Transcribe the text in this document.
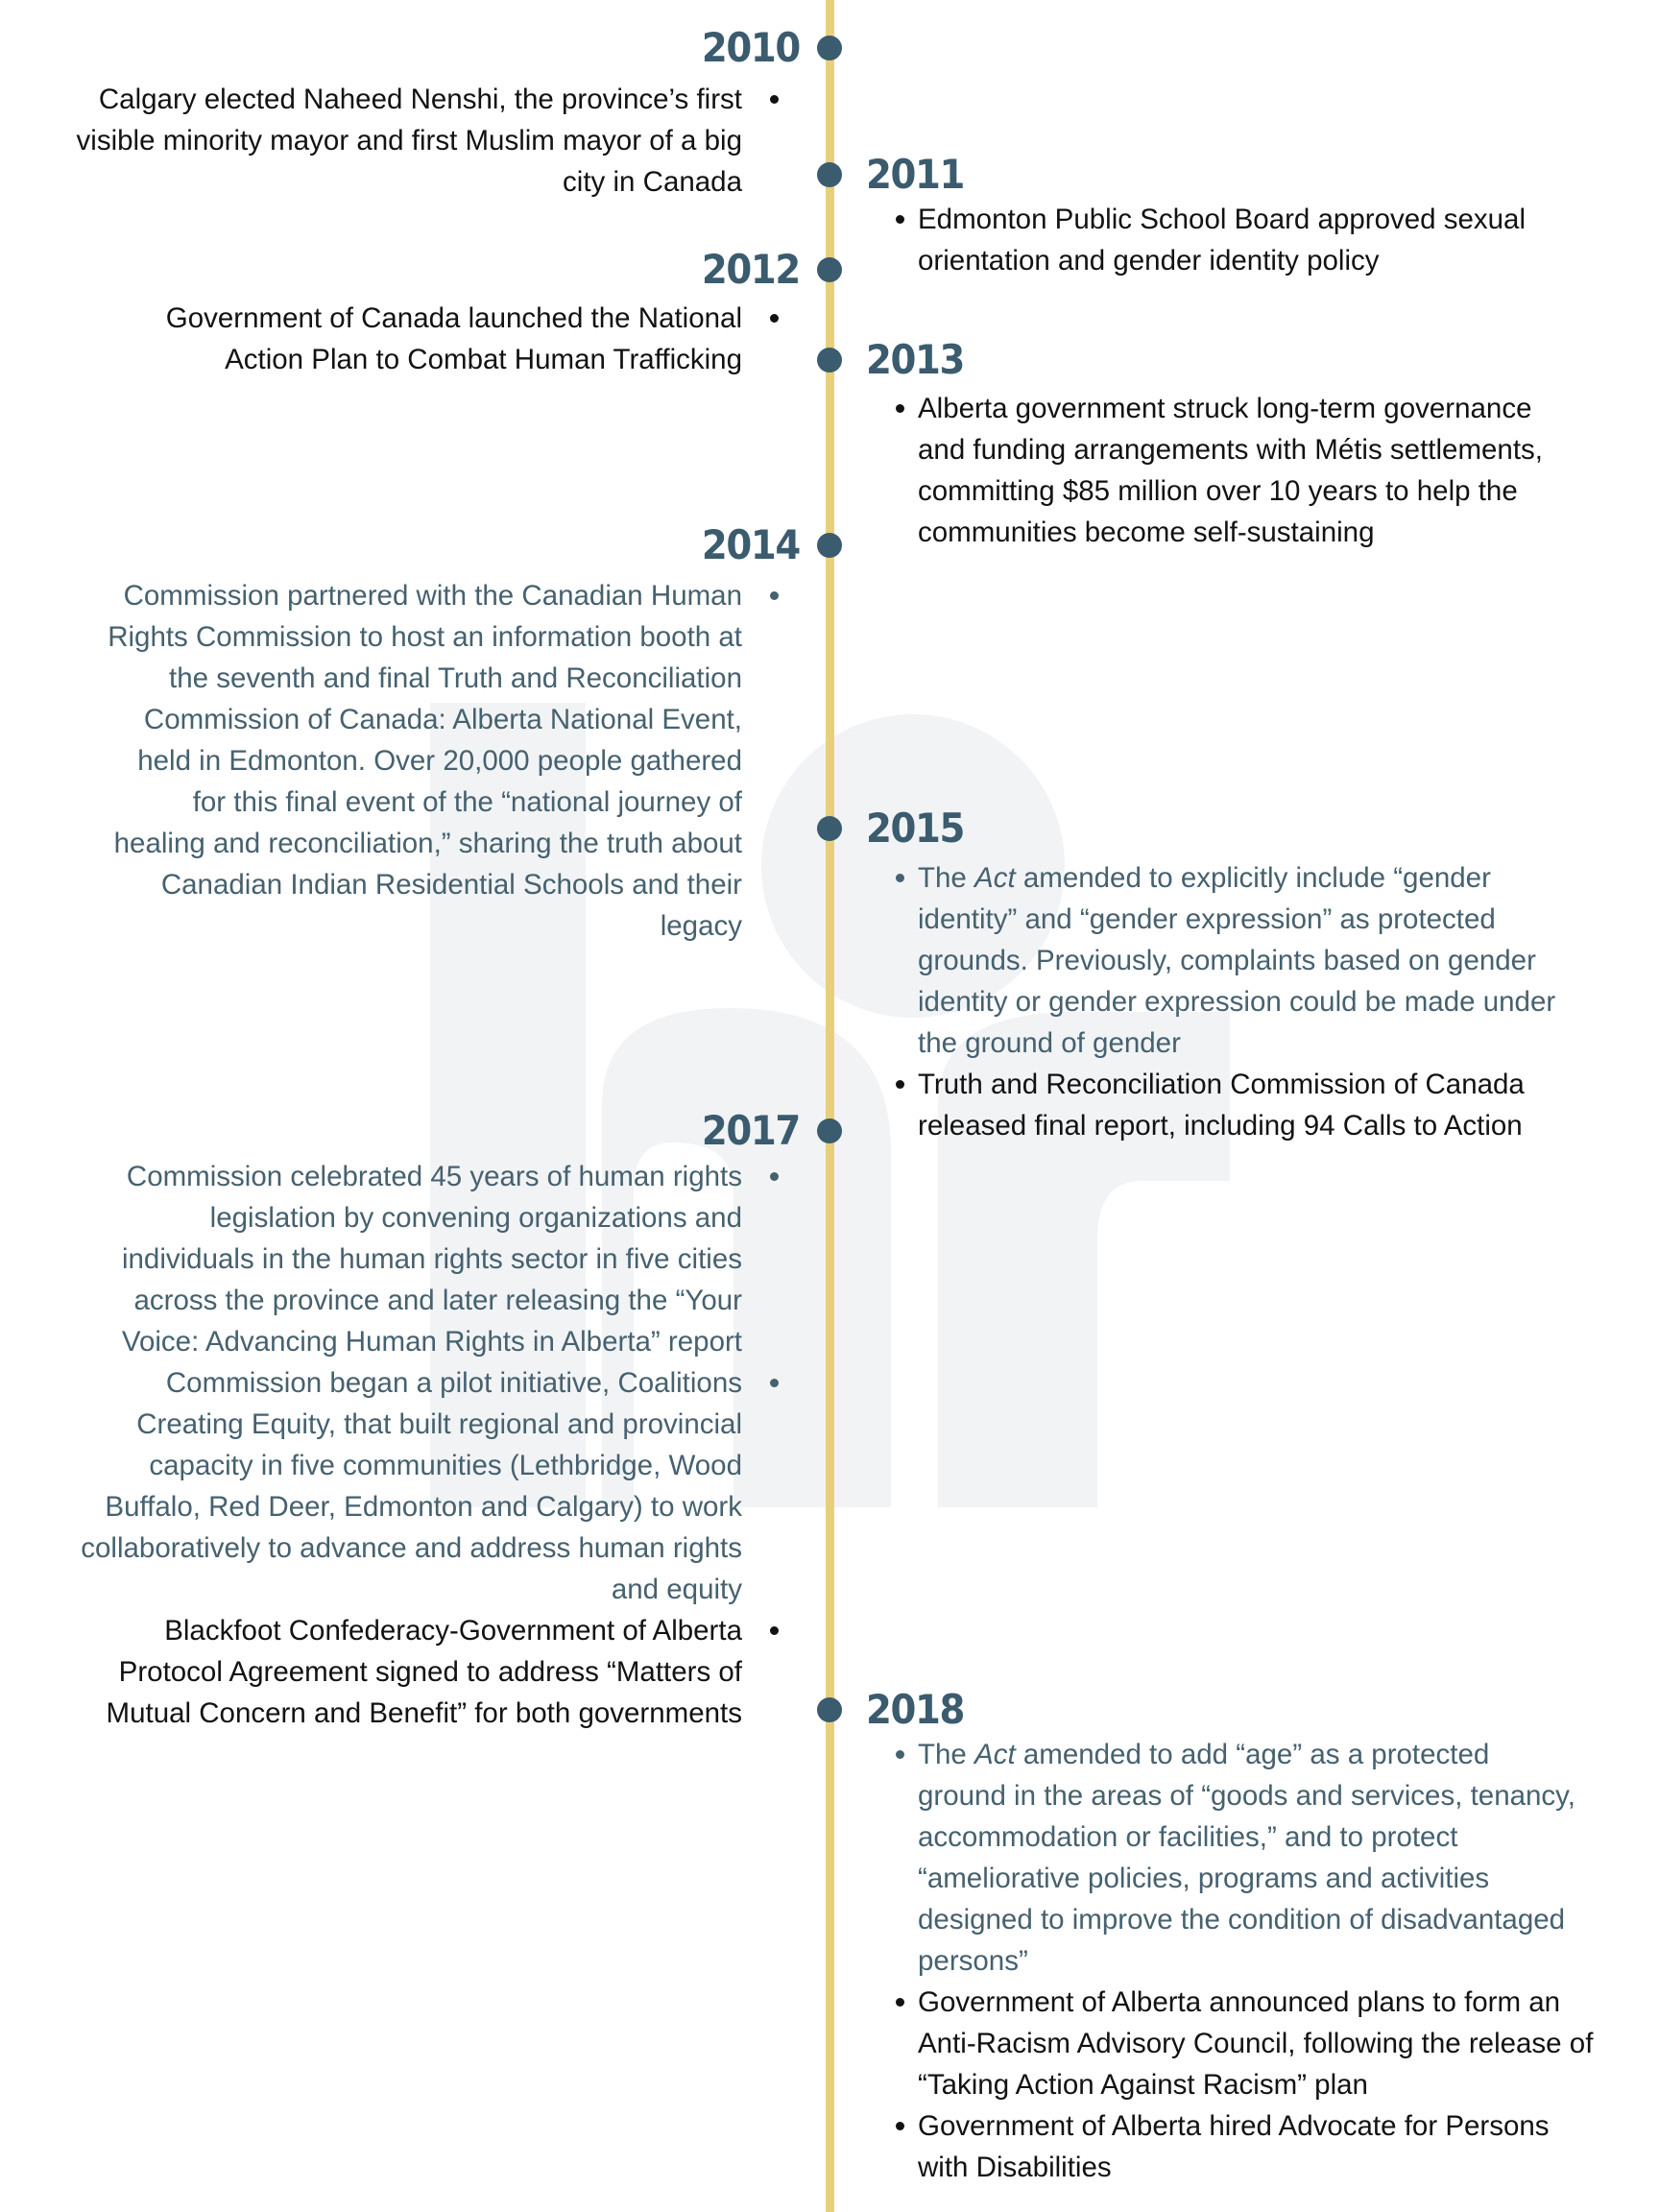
2010
Calgary elected Naheed Nenshi, the province’s first
visible minority mayor and first Muslim mayor of a big
city in Canada	2011
Edmonton Public School Board approved sexual
orientation and gender identity policy
2012
Government of Canada launched the National
Action Plan to Combat Human Trafficking	2013
Alberta government struck long-term governance
and funding arrangements with Métis settlements,
committing $85 million over 10 years to help the
communities become self-sustaining
2014
Commission partnered with the Canadian Human
Rights Commission to host an information booth at
the seventh and final Truth and Reconciliation
Commission of Canada: Alberta National Event,
held in Edmonton. Over 20,000 people gathered
for this final event of the “national journey of
healing and reconciliation,” sharing the truth about
Canadian Indian Residential Schools and their
legacy
2015
The Act amended to explicitly include “gender
identity” and “gender expression” as protected
grounds. Previously, complaints based on gender
identity or gender expression could be made under
the ground of gender
Truth and Reconciliation Commission of Canada
released final report, including 94 Calls to Action
2017
Commission celebrated 45 years of human rights
legislation by convening organizations and
individuals in the human rights sector in five cities
across the province and later releasing the “Your
Voice: Advancing Human Rights in Alberta” report
Commission began a pilot initiative, Coalitions
Creating Equity, that built regional and provincial
capacity in five communities (Lethbridge, Wood
Buffalo, Red Deer, Edmonton and Calgary) to work
collaboratively to advance and address human rights
and equity
Blackfoot Confederacy-Government of Alberta
Protocol Agreement signed to address “Matters of
Mutual Concern and Benefit” for both governments	2018
The Act amended to add “age” as a protected
ground in the areas of “goods and services, tenancy,
accommodation or facilities,” and to protect
“ameliorative policies, programs and activities
designed to improve the condition of disadvantaged
persons”
Government of Alberta announced plans to form an
Anti-Racism Advisory Council, following the release of
“Taking Action Against Racism” plan
Government of Alberta hired Advocate for Persons
with Disabilities
